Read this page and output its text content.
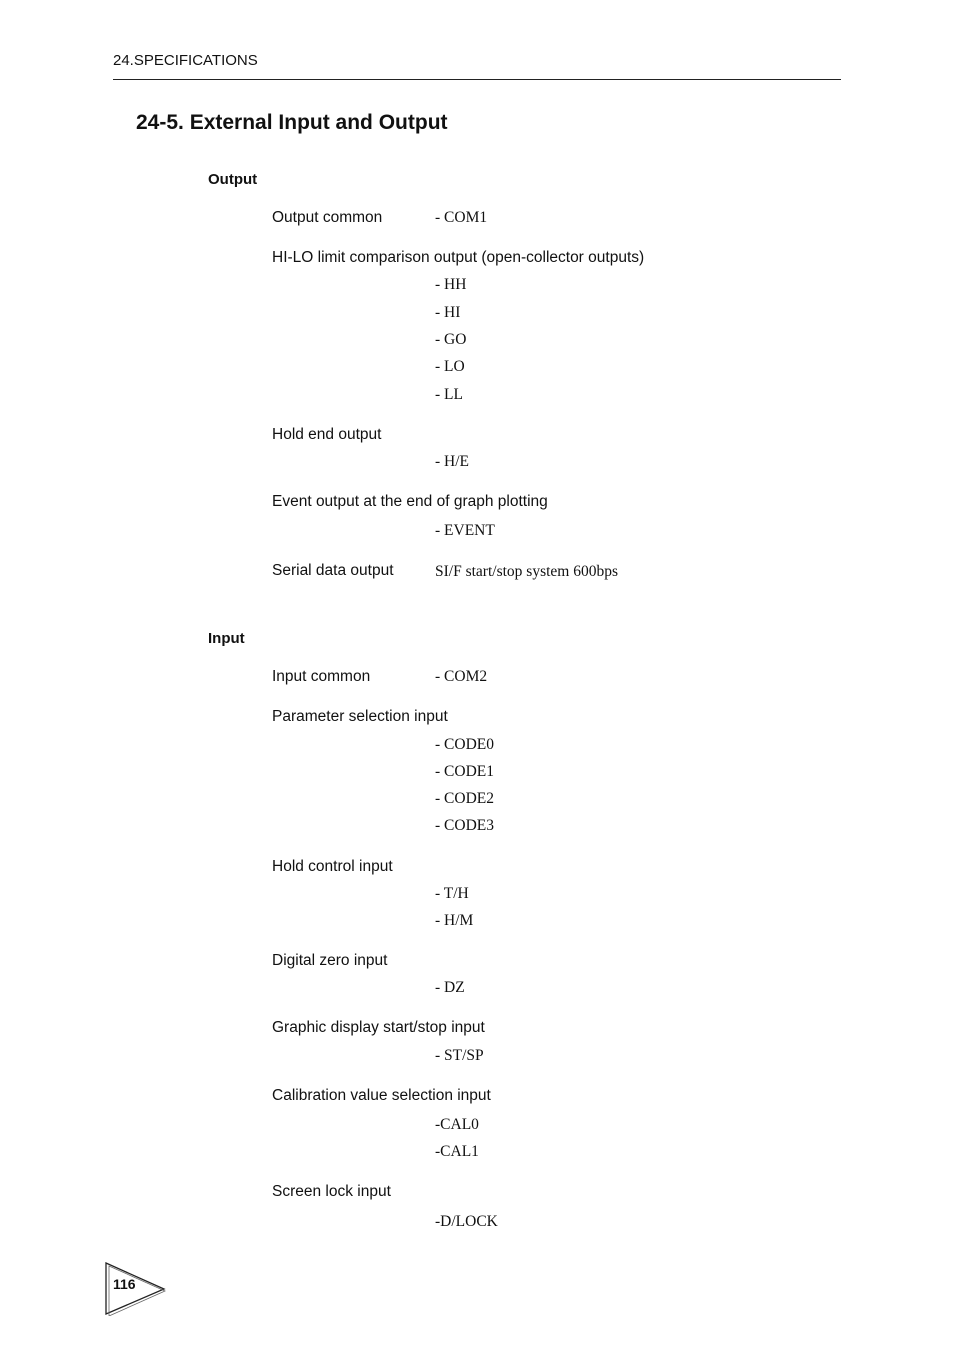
24.SPECIFICATIONS
24-5. External Input and Output
Output
Output common	- COM1
HI-LO limit comparison output (open-collector outputs)
- HH
- HI
- GO
- LO
- LL
Hold end output
- H/E
Event output at the end of graph plotting
- EVENT
Serial data output	SI/F start/stop system 600bps
Input
Input common	- COM2
Parameter selection input
- CODE0
- CODE1
- CODE2
- CODE3
Hold control input
- T/H
- H/M
Digital zero input
- DZ
Graphic display start/stop input
- ST/SP
Calibration value selection input
-CAL0
-CAL1
Screen lock input
-D/LOCK
116
